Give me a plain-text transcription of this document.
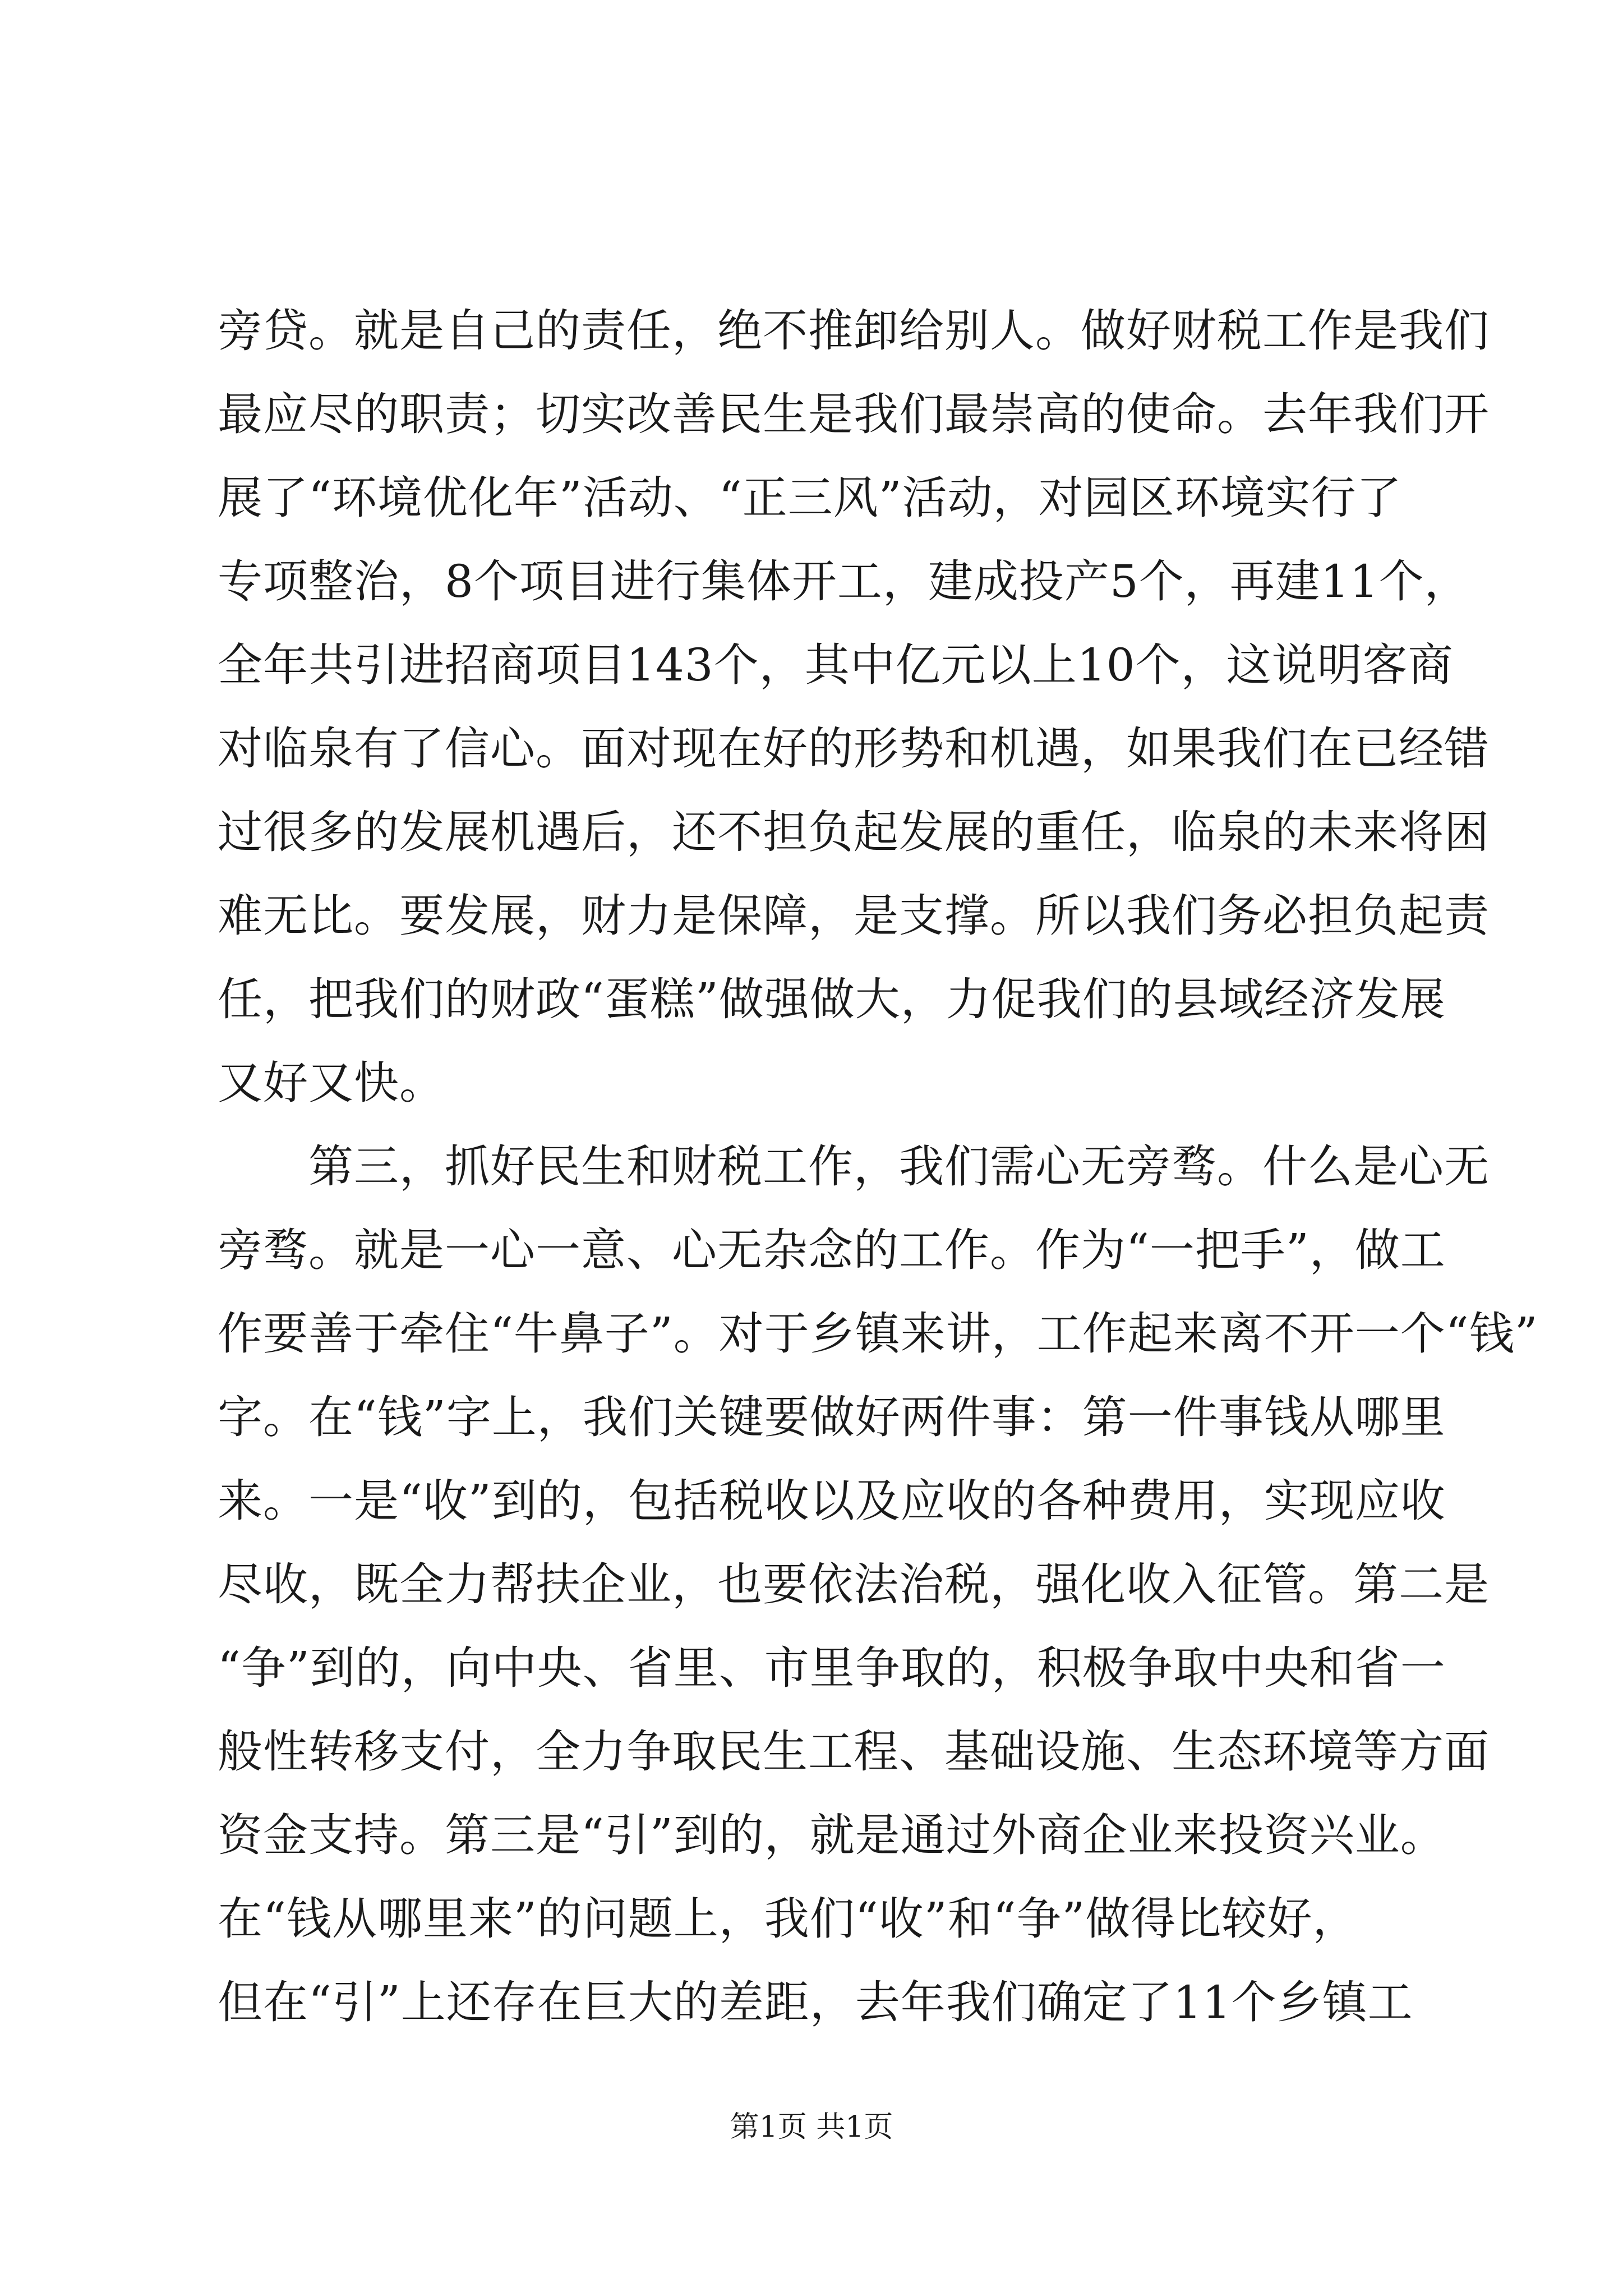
旁贷。就是自己的责任，绝不推卸给别人。做好财税工作是我们
最应尽的职责；切实改善民生是我们最崇高的使命。去年我们开
展了“环境优化年”活动、“正三风”活动，对园区环境实行了
专项整治，8个项目进行集体开工，建成投产5个，再建11个，
全年共引进招商项目143个，其中亿元以上10个，这说明客商
对临泉有了信心。面对现在好的形势和机遇，如果我们在已经错
过很多的发展机遇后，还不担负起发展的重任，临泉的未来将困
难无比。要发展，财力是保障，是支撑。所以我们务必担负起责
任，把我们的财政“蛋糕”做强做大，力促我们的县域经济发展
又好又快。
　　第三，抓好民生和财税工作，我们需心无旁骛。什么是心无
旁骛。就是一心一意、心无杂念的工作。作为“一把手”，做工
作要善于牵住“牛鼻子”。对于乡镇来讲，工作起来离不开一个“钱”
字。在“钱”字上，我们关键要做好两件事：第一件事钱从哪里
来。一是“收”到的，包括税收以及应收的各种费用，实现应收
尽收，既全力帮扶企业，也要依法治税，强化收入征管。第二是
“争”到的，向中央、省里、市里争取的，积极争取中央和省一
般性转移支付，全力争取民生工程、基础设施、生态环境等方面
资金支持。第三是“引”到的，就是通过外商企业来投资兴业。
在“钱从哪里来”的问题上，我们“收”和“争”做得比较好，
但在“引”上还存在巨大的差距，去年我们确定了11个乡镇工
第1页 共1页
